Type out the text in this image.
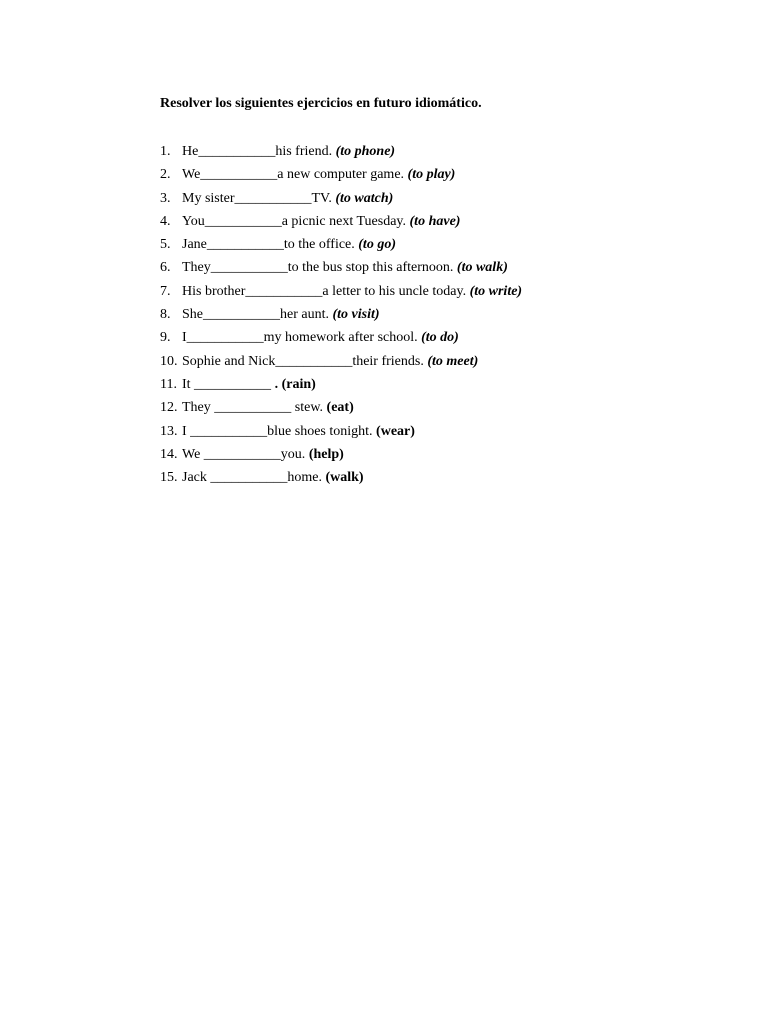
Resolver los siguientes ejercicios en futuro idiomático.
1. He___________his friend. (to phone)
2. We___________a new computer game. (to play)
3. My sister___________TV. (to watch)
4. You___________a picnic next Tuesday. (to have)
5. Jane___________to the office. (to go)
6. They___________to the bus stop this afternoon. (to walk)
7. His brother___________a letter to his uncle today. (to write)
8. She___________her aunt. (to visit)
9. I___________my homework after school. (to do)
10. Sophie and Nick___________their friends. (to meet)
11. It ___________ . (rain)
12. They ___________ stew. (eat)
13. I ___________blue shoes tonight. (wear)
14. We ___________you. (help)
15. Jack ___________home. (walk)
